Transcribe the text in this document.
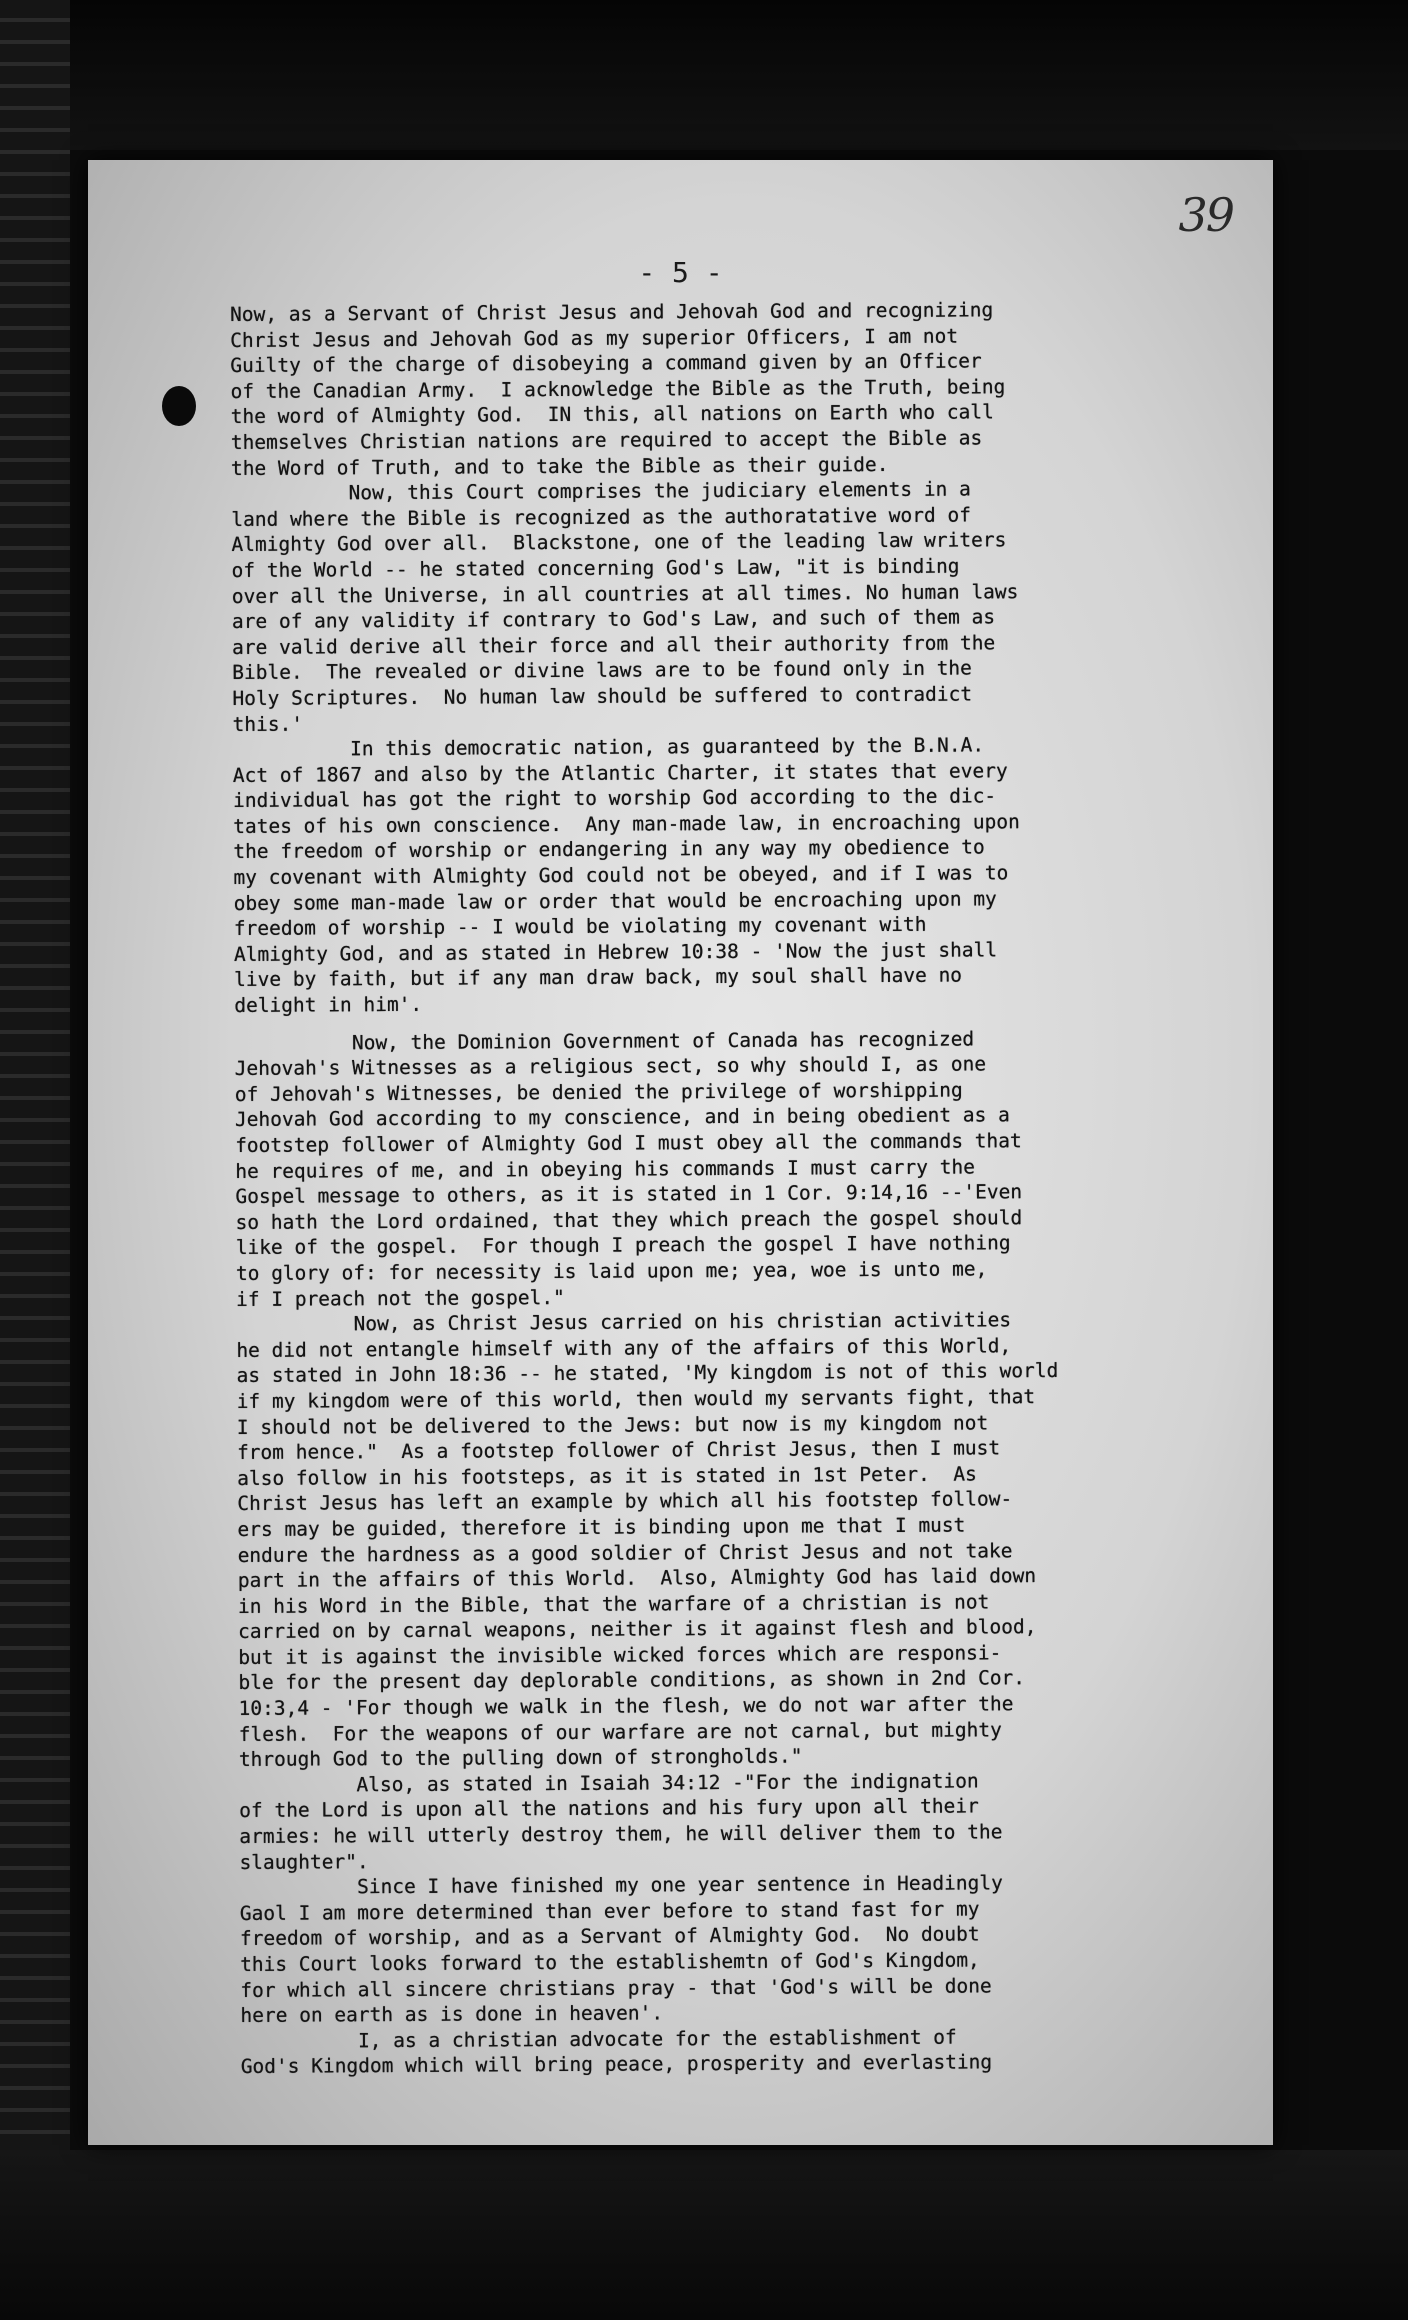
39
- 5 -
Now, as a Servant of Christ Jesus and Jehovah God and recognizing
Christ Jesus and Jehovah God as my superior Officers, I am not
Guilty of the charge of disobeying a command given by an Officer
of the Canadian Army.  I acknowledge the Bible as the Truth, being
the word of Almighty God.  IN this, all nations on Earth who call
themselves Christian nations are required to accept the Bible as
the Word of Truth, and to take the Bible as their guide.
Now, this Court comprises the judiciary elements in a
land where the Bible is recognized as the authoratative word of
Almighty God over all.  Blackstone, one of the leading law writers
of the World -- he stated concerning God's Law, "it is binding
over all the Universe, in all countries at all times. No human laws
are of any validity if contrary to God's Law, and such of them as
are valid derive all their force and all their authority from the
Bible.  The revealed or divine laws are to be found only in the
Holy Scriptures.  No human law should be suffered to contradict
this.'
In this democratic nation, as guaranteed by the B.N.A.
Act of 1867 and also by the Atlantic Charter, it states that every
individual has got the right to worship God according to the dic-
tates of his own conscience.  Any man-made law, in encroaching upon
the freedom of worship or endangering in any way my obedience to
my covenant with Almighty God could not be obeyed, and if I was to
obey some man-made law or order that would be encroaching upon my
freedom of worship -- I would be violating my covenant with
Almighty God, and as stated in Hebrew 10:38 - 'Now the just shall
live by faith, but if any man draw back, my soul shall have no
delight in him'.
Now, the Dominion Government of Canada has recognized
Jehovah's Witnesses as a religious sect, so why should I, as one
of Jehovah's Witnesses, be denied the privilege of worshipping
Jehovah God according to my conscience, and in being obedient as a
footstep follower of Almighty God I must obey all the commands that
he requires of me, and in obeying his commands I must carry the
Gospel message to others, as it is stated in 1 Cor. 9:14,16 --'Even
so hath the Lord ordained, that they which preach the gospel should
like of the gospel.  For though I preach the gospel I have nothing
to glory of: for necessity is laid upon me; yea, woe is unto me,
if I preach not the gospel."
Now, as Christ Jesus carried on his christian activities
he did not entangle himself with any of the affairs of this World,
as stated in John 18:36 -- he stated, 'My kingdom is not of this world
if my kingdom were of this world, then would my servants fight, that
I should not be delivered to the Jews: but now is my kingdom not
from hence."  As a footstep follower of Christ Jesus, then I must
also follow in his footsteps, as it is stated in 1st Peter.  As
Christ Jesus has left an example by which all his footstep follow-
ers may be guided, therefore it is binding upon me that I must
endure the hardness as a good soldier of Christ Jesus and not take
part in the affairs of this World.  Also, Almighty God has laid down
in his Word in the Bible, that the warfare of a christian is not
carried on by carnal weapons, neither is it against flesh and blood,
but it is against the invisible wicked forces which are responsi-
ble for the present day deplorable conditions, as shown in 2nd Cor.
10:3,4 - 'For though we walk in the flesh, we do not war after the
flesh.  For the weapons of our warfare are not carnal, but mighty
through God to the pulling down of strongholds."
Also, as stated in Isaiah 34:12 -"For the indignation
of the Lord is upon all the nations and his fury upon all their
armies: he will utterly destroy them, he will deliver them to the
slaughter".
Since I have finished my one year sentence in Headingly
Gaol I am more determined than ever before to stand fast for my
freedom of worship, and as a Servant of Almighty God.  No doubt
this Court looks forward to the establishemtn of God's Kingdom,
for which all sincere christians pray - that 'God's will be done
here on earth as is done in heaven'.
I, as a christian advocate for the establishment of
God's Kingdom which will bring peace, prosperity and everlasting
